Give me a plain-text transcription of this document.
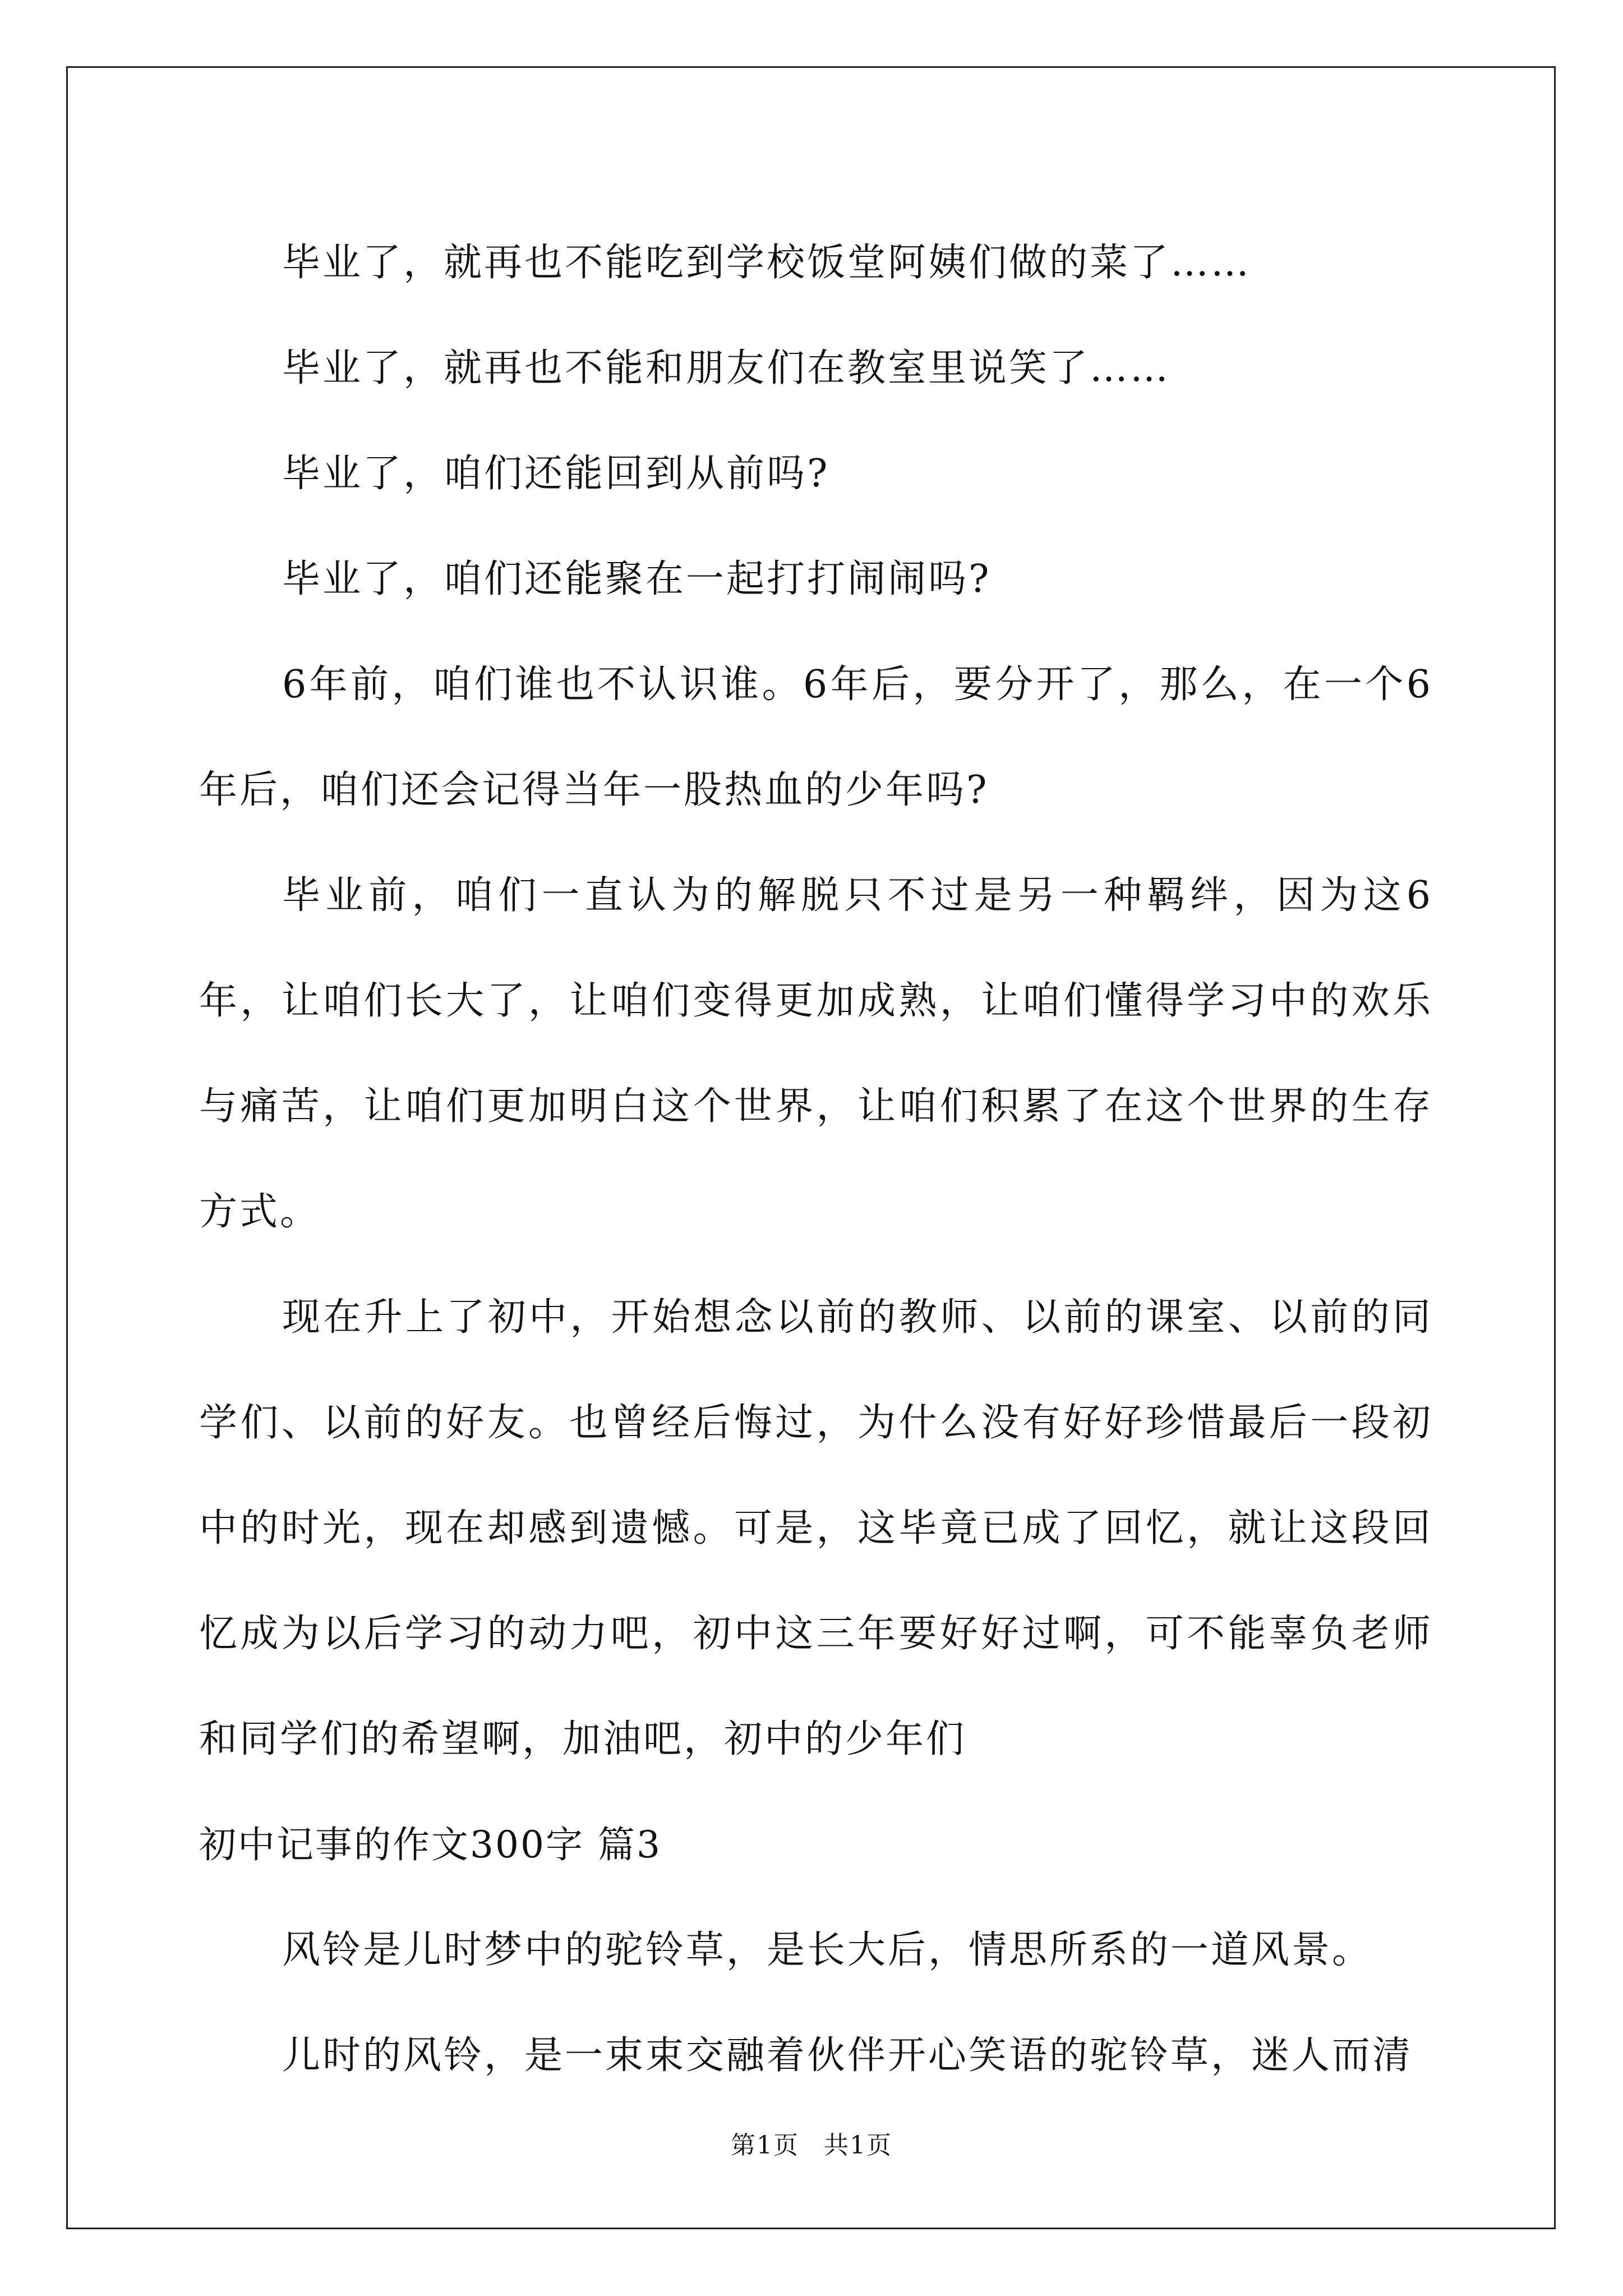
毕业了，就再也不能吃到学校饭堂阿姨们做的菜了……

毕业了，就再也不能和朋友们在教室里说笑了……

毕业了，咱们还能回到从前吗?

毕业了，咱们还能聚在一起打打闹闹吗?

6年前，咱们谁也不认识谁。6年后，要分开了，那么，在一个6年后，咱们还会记得当年一股热血的少年吗?

毕业前，咱们一直认为的解脱只不过是另一种羁绊，因为这6年，让咱们长大了，让咱们变得更加成熟，让咱们懂得学习中的欢乐与痛苦，让咱们更加明白这个世界，让咱们积累了在这个世界的生存方式。

现在升上了初中，开始想念以前的教师、以前的课室、以前的同学们、以前的好友。也曾经后悔过，为什么没有好好珍惜最后一段初中的时光，现在却感到遗憾。可是，这毕竟已成了回忆，就让这段回忆成为以后学习的动力吧，初中这三年要好好过啊，可不能辜负老师和同学们的希望啊，加油吧，初中的少年们

初中记事的作文300字 篇3

风铃是儿时梦中的驼铃草，是长大后，情思所系的一道风景。

儿时的风铃，是一束束交融着伙伴开心笑语的驼铃草，迷人而清

第1页 共1页
